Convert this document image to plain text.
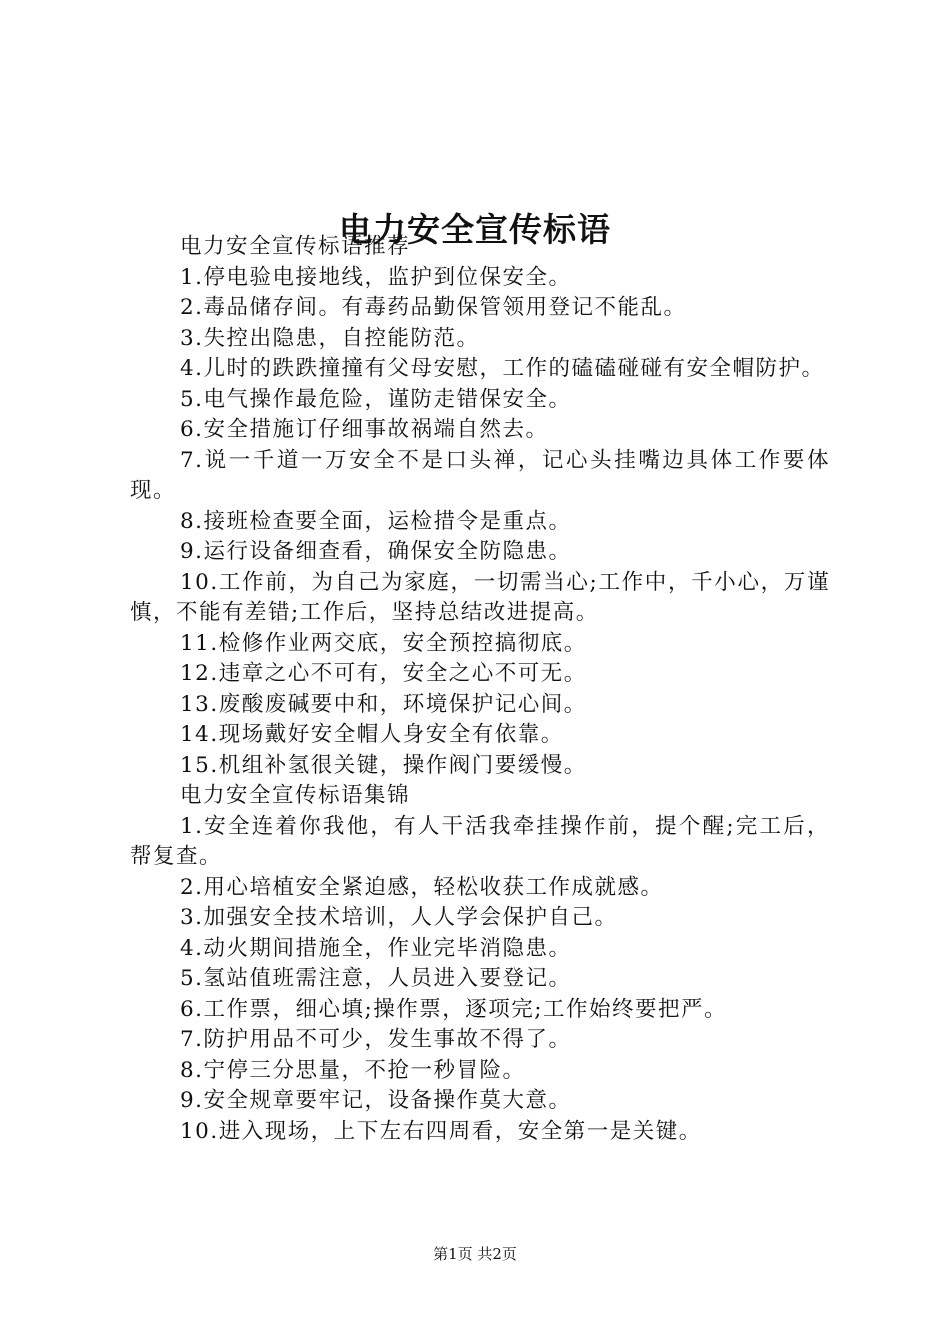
电力安全宣传标语

电力安全宣传标语推荐

1.停电验电接地线，监护到位保安全。

2.毒品储存间。有毒药品勤保管领用登记不能乱。

3.失控出隐患，自控能防范。

4.儿时的跌跌撞撞有父母安慰，工作的磕磕碰碰有安全帽防护。

5.电气操作最危险，谨防走错保安全。

6.安全措施订仔细事故祸端自然去。

7.说一千道一万安全不是口头禅，记心头挂嘴边具体工作要体现。

8.接班检查要全面，运检措令是重点。

9.运行设备细查看，确保安全防隐患。

10.工作前，为自己为家庭，一切需当心;工作中，千小心，万谨慎，不能有差错;工作后，坚持总结改进提高。

11.检修作业两交底，安全预控搞彻底。

12.违章之心不可有，安全之心不可无。

13.废酸废碱要中和，环境保护记心间。

14.现场戴好安全帽人身安全有依靠。

15.机组补氢很关键，操作阀门要缓慢。

电力安全宣传标语集锦

1.安全连着你我他，有人干活我牵挂操作前，提个醒;完工后，帮复查。

2.用心培植安全紧迫感，轻松收获工作成就感。

3.加强安全技术培训，人人学会保护自己。

4.动火期间措施全，作业完毕消隐患。

5.氢站值班需注意，人员进入要登记。

6.工作票，细心填;操作票，逐项完;工作始终要把严。

7.防护用品不可少，发生事故不得了。

8.宁停三分思量，不抢一秒冒险。

9.安全规章要牢记，设备操作莫大意。

10.进入现场，上下左右四周看，安全第一是关键。

第1页 共2页
